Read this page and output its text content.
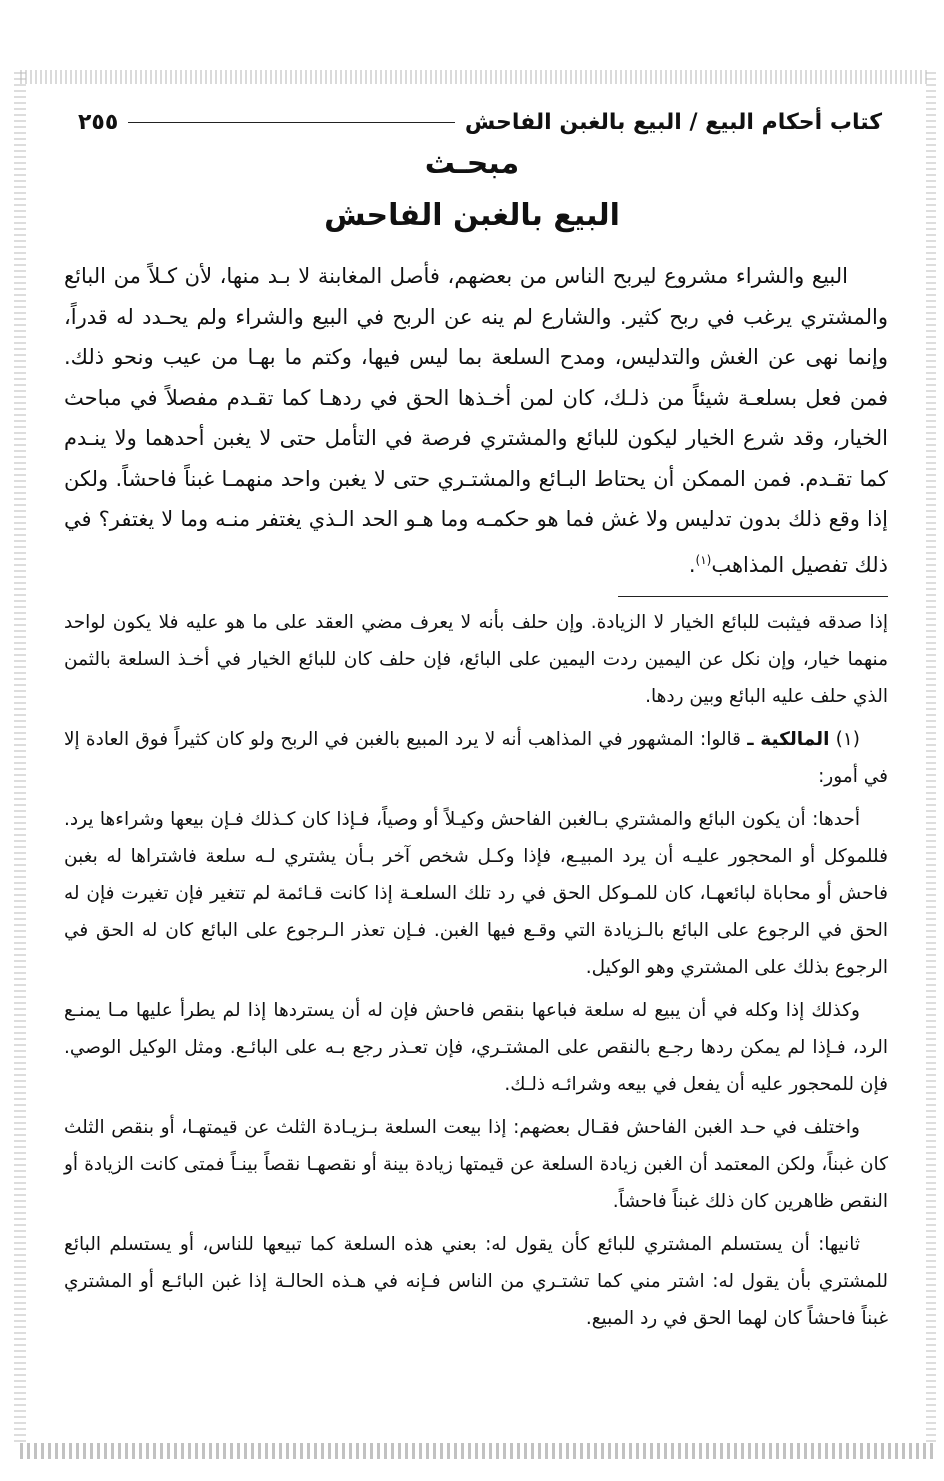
كتاب أحكام البيع / البيع بالغبن الفاحش
٢٥٥
مبحـث
البيع بالغبن الفاحش
البيع والشراء مشروع ليربح الناس من بعضهم، فأصل المغابنة لا بـد منها، لأن كـلاً من البائع والمشتري يرغب في ربح كثير. والشارع لم ينه عن الربح في البيع والشراء ولم يحـدد له قدراً، وإنما نهى عن الغش والتدليس، ومدح السلعة بما ليس فيها، وكتم ما بهـا من عيب ونحو ذلك. فمن فعل بسلعـة شيئاً من ذلـك، كان لمن أخـذها الحق في ردهـا كما تقـدم مفصلاً في مباحث الخيار، وقد شرع الخيار ليكون للبائع والمشتري فرصة في التأمل حتى لا يغبن أحدهما ولا ينـدم كما تقـدم. فمن الممكن أن يحتاط البـائع والمشتـري حتى لا يغبن واحد منهمـا غبناً فاحشاً. ولكن إذا وقع ذلك بدون تدليس ولا غش فما هو حكمـه وما هـو الحد الـذي يغتفر منـه وما لا يغتفر؟ في ذلك تفصيل المذاهب$^{(١)}$.

إذا صدقه فيثبت للبائع الخيار لا الزيادة. وإن حلف بأنه لا يعرف مضي العقد على ما هو عليه فلا يكون لواحد منهما خيار، وإن نكل عن اليمين ردت اليمين على البائع، فإن حلف كان للبائع الخيار في أخـذ السلعة بالثمن الذي حلف عليه البائع وبين ردها.

(١) المالكية ـ قالوا: المشهور في المذاهب أنه لا يرد المبيع بالغبن في الربح ولو كان كثيراً فوق العادة إلا في أمور:

أحدها: أن يكون البائع والمشتري بـالغبن الفاحش وكيـلاً أو وصياً، فـإذا كان كـذلك فـإن بيعها وشراءها يرد. فللموكل أو المحجور عليـه أن يرد المبيـع، فإذا وكـل شخص آخر بـأن يشتري لـه سلعة فاشتراها له بغبن فاحش أو محاباة لبائعهـا، كان للمـوكل الحق في رد تلك السلعـة إذا كانت قـائمة لم تتغير فإن تغيرت فإن له الحق في الرجوع على البائع بالـزيادة التي وقـع فيها الغبن. فـإن تعذر الـرجوع على البائع كان له الحق في الرجوع بذلك على المشتري وهو الوكيل.

وكذلك إذا وكله في أن يبيع له سلعة فباعها بنقص فاحش فإن له أن يستردها إذا لم يطرأ عليها مـا يمنـع الرد، فـإذا لم يمكن ردها رجـع بالنقص على المشتـري، فإن تعـذر رجع بـه على البائـع. ومثل الوكيل الوصي. فإن للمحجور عليه أن يفعل في بيعه وشرائـه ذلـك.

واختلف في حـد الغبن الفاحش فقـال بعضهم: إذا بيعت السلعة بـزيـادة الثلث عن قيمتهـا، أو بنقص الثلث كان غبناً، ولكن المعتمد أن الغبن زيادة السلعة عن قيمتها زيادة بينة أو نقصهـا نقصاً بينـاً فمتى كانت الزيادة أو النقص ظاهرين كان ذلك غبناً فاحشاً.

ثانيها: أن يستسلم المشتري للبائع كأن يقول له: بعني هذه السلعة كما تبيعها للناس، أو يستسلم البائع للمشتري بأن يقول له: اشتر مني كما تشتـري من الناس فـإنه في هـذه الحالـة إذا غبن البائـع أو المشتري غبناً فاحشاً كان لهما الحق في رد المبيع.
